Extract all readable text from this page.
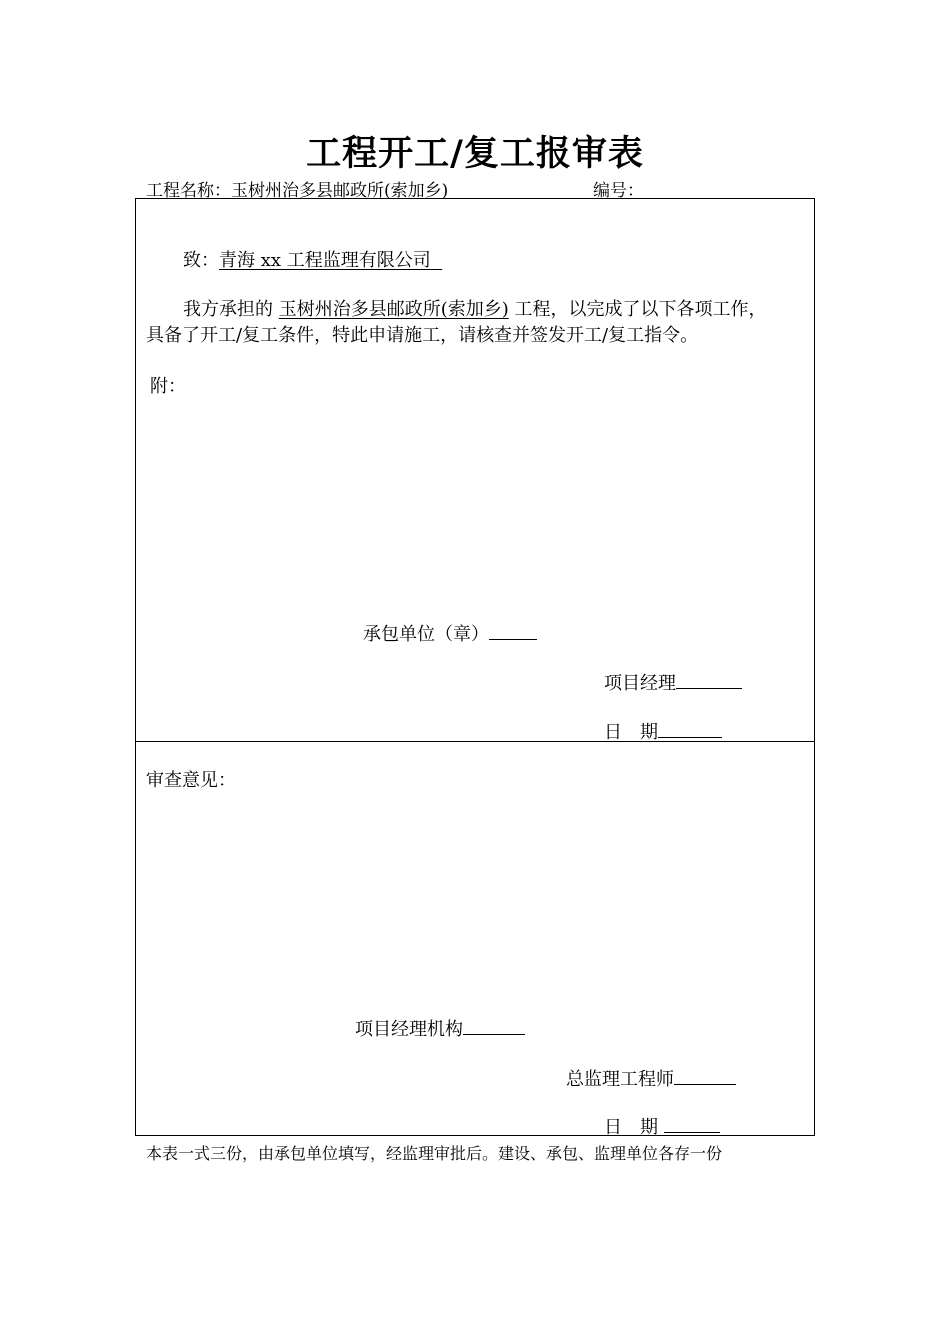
工程开工/复工报审表
工程名称：玉树州治多县邮政所(索加乡)	编号：
致：青海 xx 工程监理有限公司
我方承担的 玉树州治多县邮政所(索加乡) 工程，以完成了以下各项工作，
具备了开工/复工条件，特此申请施工，请核查并签发开工/复工指令。
附：
承包单位（章）
项目经理
日　期
审查意见：
项目经理机构
总监理工程师
日　期
本表一式三份，由承包单位填写，经监理审批后。建设、承包、监理单位各存一份
